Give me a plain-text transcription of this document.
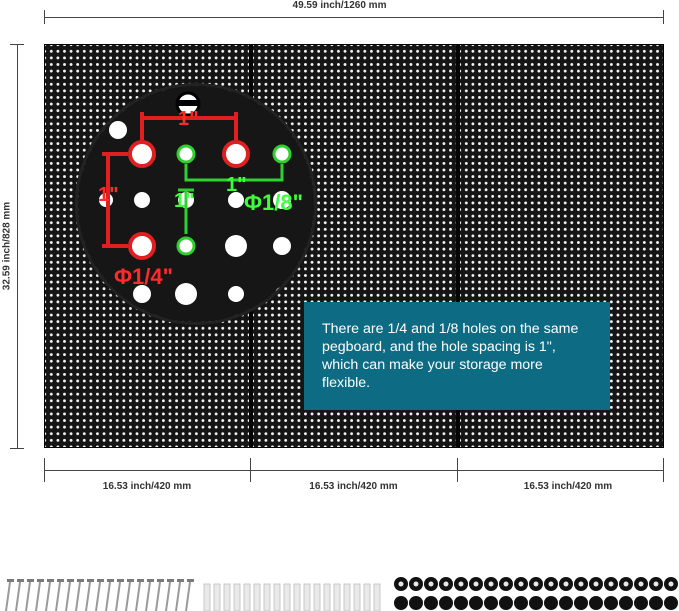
49.59 inch/1260 mm
32.59 inch/828 mm
1"
1"	1"
1" Φ1/8"
Φ1/4"
There are 1/4 and 1/8 holes on the same pegboard, and the hole spacing is 1", which can make your storage more flexible.
16.53 inch/420 mm	16.53 inch/420 mm	16.53 inch/420 mm
